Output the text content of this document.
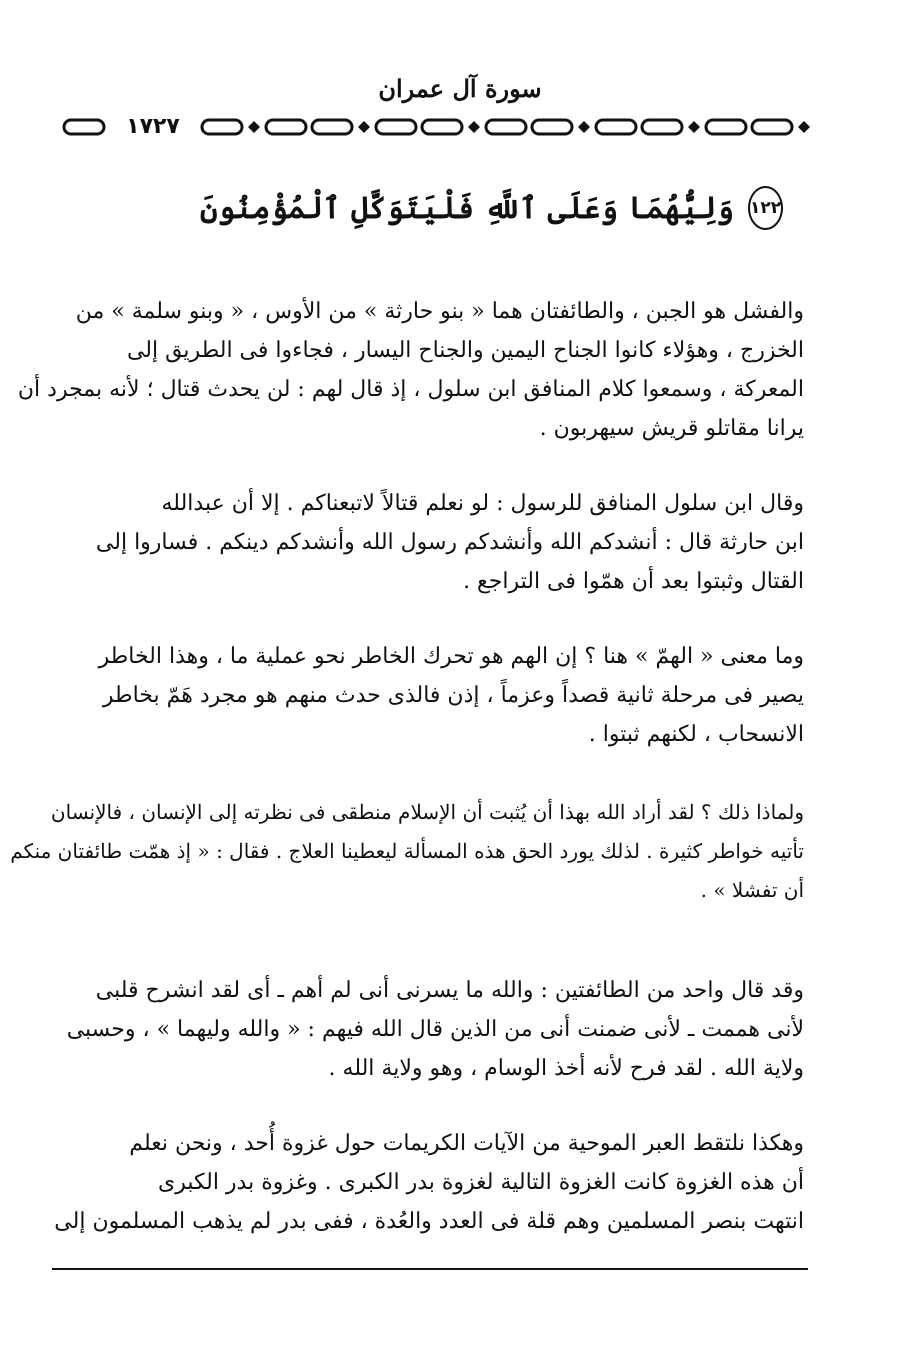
سورة آل عمران
١٧٢٧
وَلِيُّهُمَا وَعَلَى ٱللَّهِ فَلْيَتَوَكَّلِ ٱلْمُؤْمِنُونَ ١٢٢
والفشل هو الجبن ، والطائفتان هما « بنو حارثة » من الأوس ، « وبنو سلمة » من
الخزرج ، وهؤلاء كانوا الجناح اليمين والجناح اليسار ، فجاءوا فى الطريق إلى
المعركة ، وسمعوا كلام المنافق ابن سلول ، إذ قال لهم : لن يحدث قتال ؛ لأنه بمجرد أن
يرانا مقاتلو قريش سيهربون .
وقال ابن سلول المنافق للرسول : لو نعلم قتالاً لاتبعناكم . إلا أن عبدالله
ابن حارثة قال : أنشدكم الله وأنشدكم رسول الله وأنشدكم دينكم . فساروا إلى
القتال وثبتوا بعد أن همّوا فى التراجع .
وما معنى « الهمّ » هنا ؟ إن الهم هو تحرك الخاطر نحو عملية ما ، وهذا الخاطر
يصير فى مرحلة ثانية قصداً وعزماً ، إذن فالذى حدث منهم هو مجرد هَمّ بخاطر
الانسحاب ، لكنهم ثبتوا .
ولماذا ذلك ؟ لقد أراد الله بهذا أن يُثبت أن الإسلام منطقى فى نظرته إلى الإنسان ، فالإنسان
تأتيه خواطر كثيرة . لذلك يورد الحق هذه المسألة ليعطينا العلاج . فقال : « إذ همّت طائفتان منكم
أن تفشلا » .
وقد قال واحد من الطائفتين : والله ما يسرنى أنى لم أهم ـ أى لقد انشرح قلبى
لأنى هممت ـ لأنى ضمنت أنى من الذين قال الله فيهم : « والله وليهما » ، وحسبى
ولاية الله . لقد فرح لأنه أخذ الوسام ، وهو ولاية الله .
وهكذا نلتقط العبر الموحية من الآيات الكريمات حول غزوة أُحد ، ونحن نعلم
أن هذه الغزوة كانت الغزوة التالية لغزوة بدر الكبرى . وغزوة بدر الكبرى
انتهت بنصر المسلمين وهم قلة فى العدد والعُدة ، ففى بدر لم يذهب المسلمون إلى
